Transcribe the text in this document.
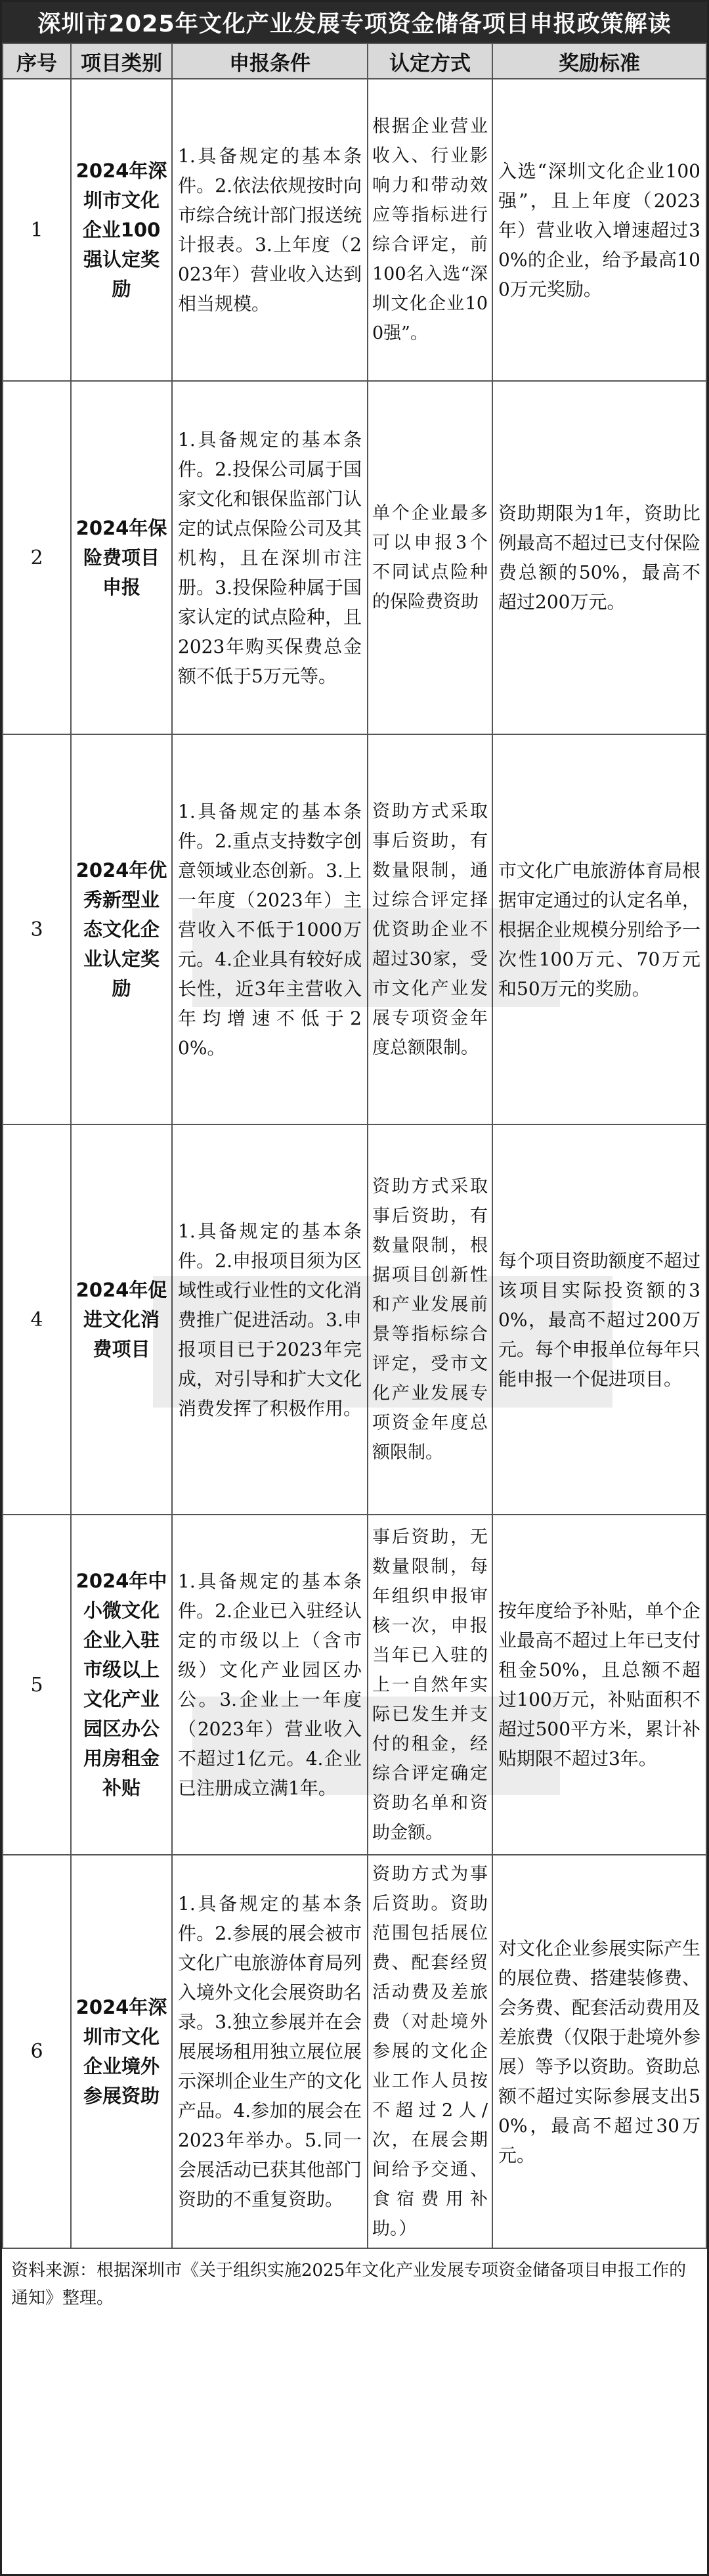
深圳市2025年文化产业发展专项资金储备项目申报政策解读
序号	项目类别	申报条件	认定方式	奖励标准
1	2024年深圳市文化企业100强认定奖励	1.具备规定的基本条件。2.依法依规按时向市综合统计部门报送统计报表。3.上年度（2023年）营业收入达到相当规模。	根据企业营业收入、行业影响力和带动效应等指标进行综合评定，前100名入选“深圳文化企业100强”。	入选“深圳文化企业100强”，且上年度（2023年）营业收入增速超过30%的企业，给予最高100万元奖励。
2	2024年保险费项目申报	1.具备规定的基本条件。2.投保公司属于国家文化和银保监部门认定的试点保险公司及其机构，且在深圳市注册。3.投保险种属于国家认定的试点险种，且2023年购买保费总金额不低于5万元等。	单个企业最多可以申报3个不同试点险种的保险费资助	资助期限为1年，资助比例最高不超过已支付保险费总额的50%，最高不超过200万元。
3	2024年优秀新型业态文化企业认定奖励	1.具备规定的基本条件。2.重点支持数字创意领域业态创新。3.上一年度（2023年）主营收入不低于1000万元。4.企业具有较好成长性，近3年主营收入年均增速不低于20%。	资助方式采取事后资助，有数量限制，通过综合评定择优资助企业不超过30家，受市文化产业发展专项资金年度总额限制。	市文化广电旅游体育局根据审定通过的认定名单，根据企业规模分别给予一次性100万元、70万元和50万元的奖励。
4	2024年促进文化消费项目	1.具备规定的基本条件。2.申报项目须为区域性或行业性的文化消费推广促进活动。3.申报项目已于2023年完成，对引导和扩大文化消费发挥了积极作用。	资助方式采取事后资助，有数量限制，根据项目创新性和产业发展前景等指标综合评定，受市文化产业发展专项资金年度总额限制。	每个项目资助额度不超过该项目实际投资额的30%，最高不超过200万元。每个申报单位每年只能申报一个促进项目。
5	2024年中小微文化企业入驻市级以上文化产业园区办公用房租金补贴	1.具备规定的基本条件。2.企业已入驻经认定的市级以上（含市级）文化产业园区办公。3.企业上一年度（2023年）营业收入不超过1亿元。4.企业已注册成立满1年。	事后资助，无数量限制，每年组织申报审核一次，申报当年已入驻的上一自然年实际已发生并支付的租金，经综合评定确定资助名单和资助金额。	按年度给予补贴，单个企业最高不超过上年已支付租金50%，且总额不超过100万元，补贴面积不超过500平方米，累计补贴期限不超过3年。
6	2024年深圳市文化企业境外参展资助	1.具备规定的基本条件。2.参展的展会被市文化广电旅游体育局列入境外文化会展资助名录。3.独立参展并在会展展场租用独立展位展示深圳企业生产的文化产品。4.参加的展会在2023年举办。5.同一会展活动已获其他部门资助的不重复资助。	资助方式为事后资助。资助范围包括展位费、配套经贸活动费及差旅费（对赴境外参展的文化企业工作人员按不超过2人/次，在展会期间给予交通、食宿费用补助。）	对文化企业参展实际产生的展位费、搭建装修费、会务费、配套活动费用及差旅费（仅限于赴境外参展）等予以资助。资助总额不超过实际参展支出50%，最高不超过30万元。
资料来源：根据深圳市《关于组织实施2025年文化产业发展专项资金储备项目申报工作的通知》整理。
